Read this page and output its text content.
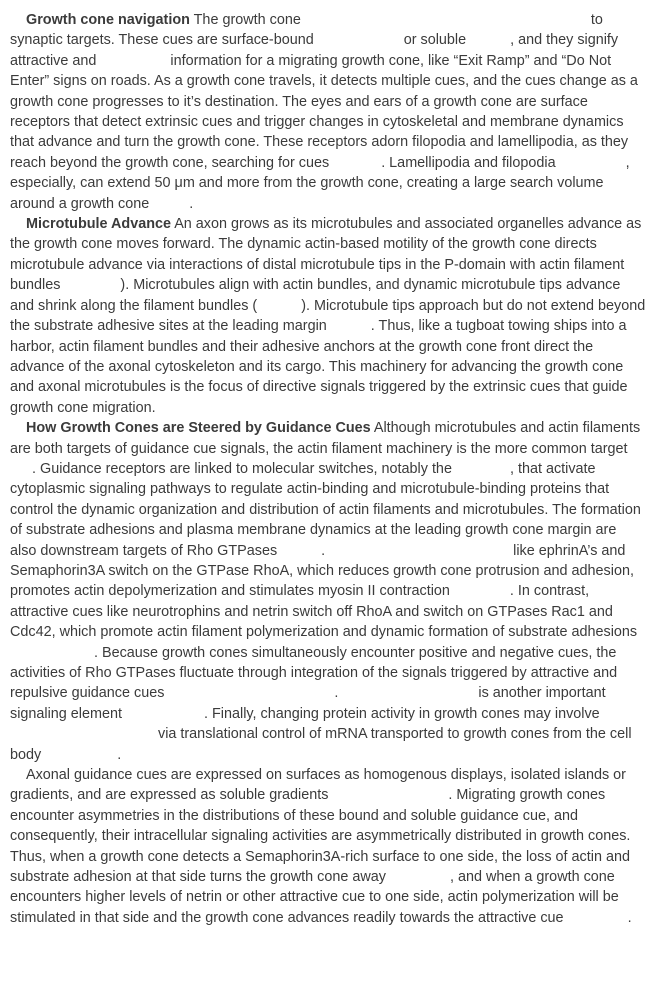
Growth cone navigation The growth cone	to synaptic targets. These cues are surface-bound	or soluble	, and they signify attractive and	information for a migrating growth cone, like “Exit Ramp” and “Do Not Enter” signs on roads. As a growth cone travels, it detects multiple cues, and the cues change as a growth cone progresses to it’s destination. The eyes and ears of a growth cone are surface receptors that detect extrinsic cues and trigger changes in cytoskeletal and membrane dynamics that advance and turn the growth cone. These receptors adorn filopodia and lamellipodia, as they reach beyond the growth cone, searching for cues	. Lamellipodia and filopodia	, especially, can extend 50 μm and more from the growth cone, creating a large search volume around a growth cone	.

Microtubule Advance An axon grows as its microtubules and associated organelles advance as the growth cone moves forward. The dynamic actin-based motility of the growth cone directs microtubule advance via interactions of distal microtubule tips in the P-domain with actin filament bundles	). Microtubules align with actin bundles, and dynamic microtubule tips advance and shrink along the filament bundles (	). Microtubule tips approach but do not extend beyond the substrate adhesive sites at the leading margin	. Thus, like a tugboat towing ships into a harbor, actin filament bundles and their adhesive anchors at the growth cone front direct the advance of the axonal cytoskeleton and its cargo. This machinery for advancing the growth cone and axonal microtubules is the focus of directive signals triggered by the extrinsic cues that guide growth cone migration.

How Growth Cones are Steered by Guidance Cues Although microtubules and actin filaments are both targets of guidance cue signals, the actin filament machinery is the more common target . Guidance receptors are linked to molecular switches, notably the	, that activate cytoplasmic signaling pathways to regulate actin-binding and microtubule-binding proteins that control the dynamic organization and distribution of actin filaments and microtubules. The formation of substrate adhesions and plasma membrane dynamics at the leading growth cone margin are also downstream targets of Rho GTPases	.	like ephrinA’s and Semaphorin3A switch on the GTPase RhoA, which reduces growth cone protrusion and adhesion, promotes actin depolymerization and stimulates myosin II contraction	. In contrast, attractive cues like neurotrophins and netrin switch off RhoA and switch on GTPases Rac1 and Cdc42, which promote actin filament polymerization and dynamic formation of substrate adhesions . Because growth cones simultaneously encounter positive and negative cues, the activities of Rho GTPases fluctuate through integration of the signals triggered by attractive and repulsive guidance cues	.	is another important signaling element	. Finally, changing protein activity in growth cones may involve  via translational control of mRNA transported to growth cones from the cell body	.

Axonal guidance cues are expressed on surfaces as homogenous displays, isolated islands or gradients, and are expressed as soluble gradients	. Migrating growth cones encounter asymmetries in the distributions of these bound and soluble guidance cue, and consequently, their intracellular signaling activities are asymmetrically distributed in growth cones. Thus, when a growth cone detects a Semaphorin3A-rich surface to one side, the loss of actin and substrate adhesion at that side turns the growth cone away	, and when a growth cone encounters higher levels of netrin or other attractive cue to one side, actin polymerization will be stimulated in that side and the growth cone advances readily towards the attractive cue	.
